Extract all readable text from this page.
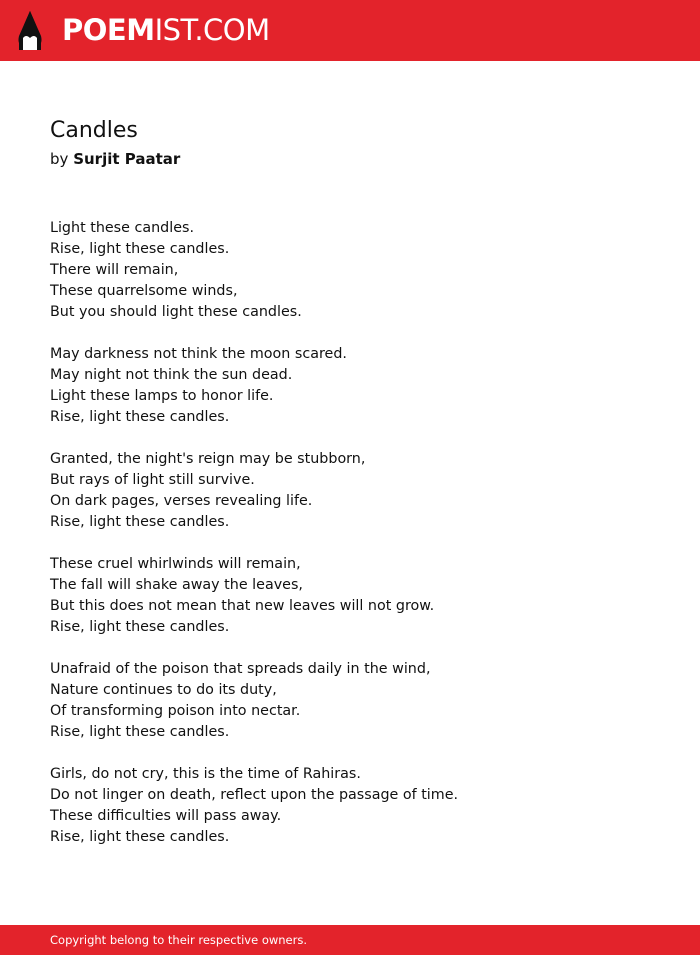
POEMIST.COM
Candles
by Surjit Paatar
Light these candles.
Rise, light these candles.
There will remain,
These quarrelsome winds,
But you should light these candles.
May darkness not think the moon scared.
May night not think the sun dead.
Light these lamps to honor life.
Rise, light these candles.
Granted, the night's reign may be stubborn,
But rays of light still survive.
On dark pages, verses revealing life.
Rise, light these candles.
These cruel whirlwinds will remain,
The fall will shake away the leaves,
But this does not mean that new leaves will not grow.
Rise, light these candles.
Unafraid of the poison that spreads daily in the wind,
Nature continues to do its duty,
Of transforming poison into nectar.
Rise, light these candles.
Girls, do not cry, this is the time of Rahiras.
Do not linger on death, reflect upon the passage of time.
These difficulties will pass away.
Rise, light these candles.
Copyright belong to their respective owners.
